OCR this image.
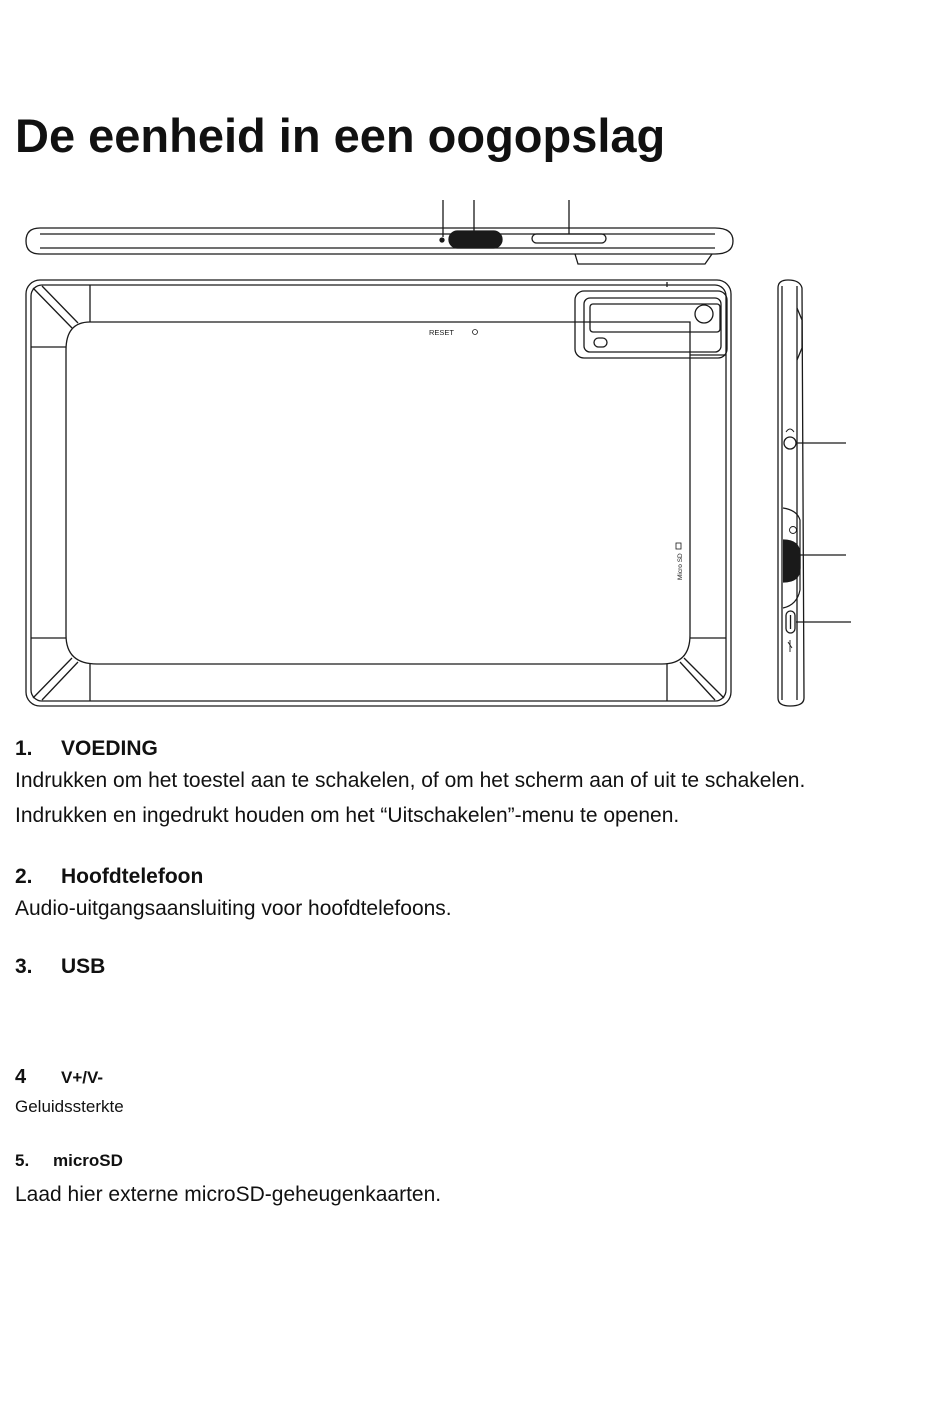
De eenheid in een oogopslag
RESET
Micro SD
1.	VOEDING
Indrukken om het toestel aan te schakelen, of om het scherm aan of uit te schakelen.
Indrukken en ingedrukt houden om het “Uitschakelen”-menu te openen.
2.	Hoofdtelefoon
Audio-uitgangsaansluiting voor hoofdtelefoons.
3.	USB
4	V+/V-
Geluidssterkte
5.	microSD
Laad hier externe microSD-geheugenkaarten.
